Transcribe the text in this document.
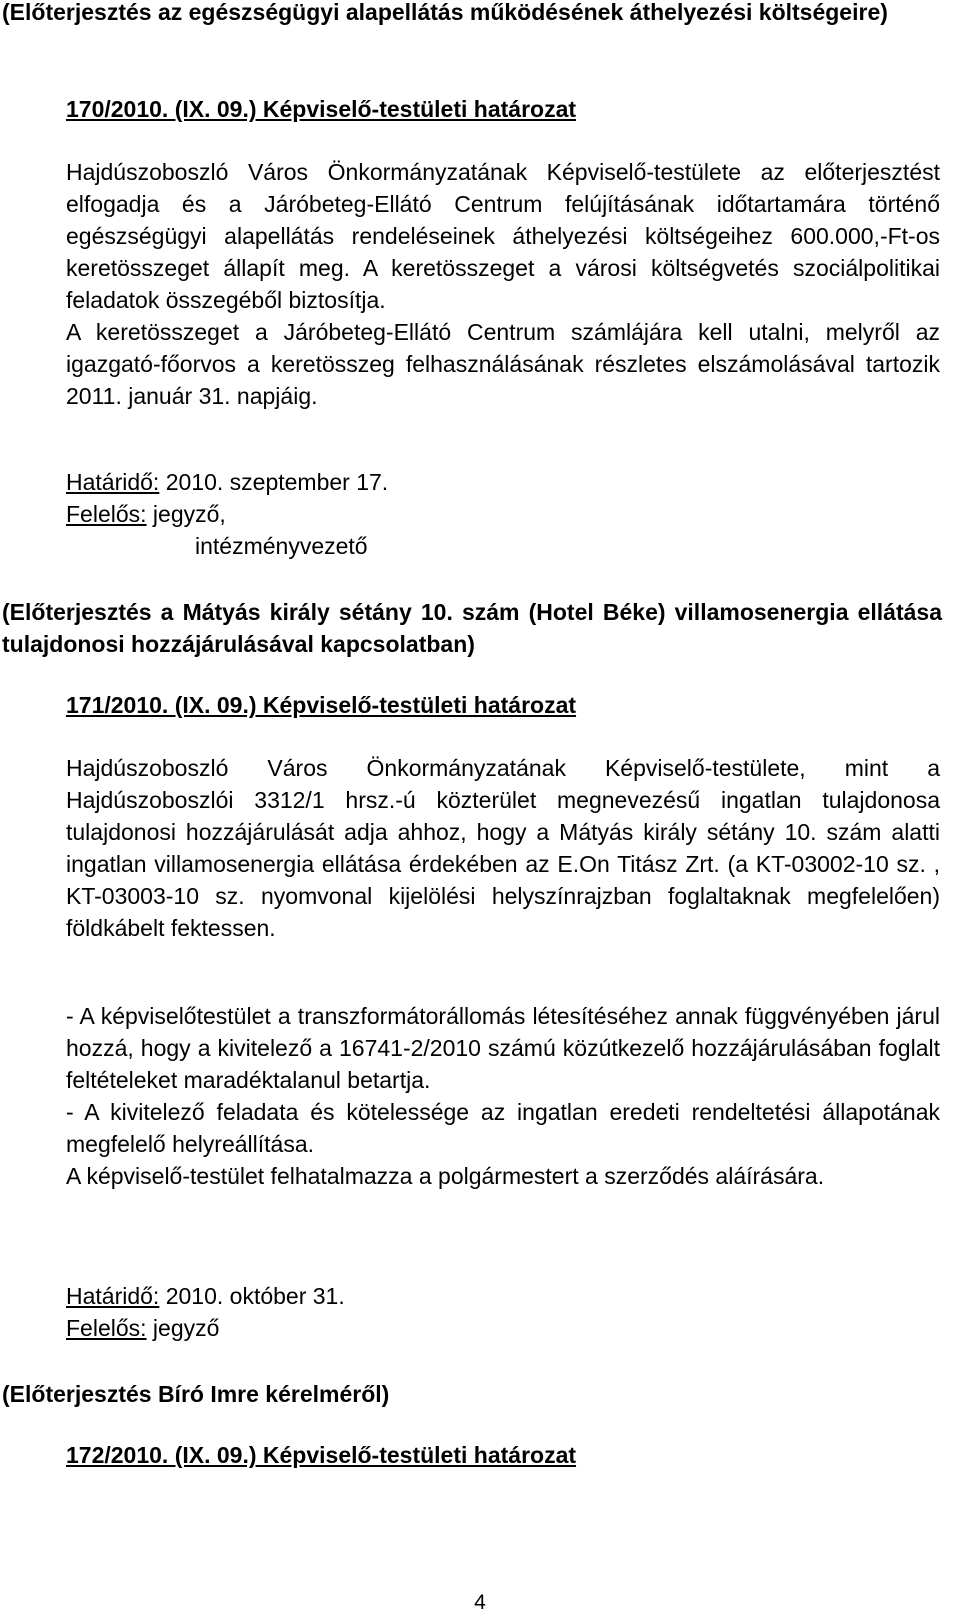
(Előterjesztés az egészségügyi alapellátás működésének áthelyezési költségeire)

170/2010. (IX. 09.) Képviselő-testületi határozat

Hajdúszoboszló Város Önkormányzatának Képviselő-testülete az előterjesztést elfogadja és a Járóbeteg-Ellátó Centrum felújításának időtartamára történő egészségügyi alapellátás rendeléseinek áthelyezési költségeihez 600.000,-Ft-os keretösszeget állapít meg. A keretösszeget a városi költségvetés szociálpolitikai feladatok összegéből biztosítja.

A keretösszeget a Járóbeteg-Ellátó Centrum számlájára kell utalni, melyről az igazgató-főorvos a keretösszeg felhasználásának részletes elszámolásával tartozik 2011. január 31. napjáig.

Határidő: 2010. szeptember 17.
Felelős: jegyző,
intézményvezető

(Előterjesztés a Mátyás király sétány 10. szám (Hotel Béke) villamosenergia ellátása tulajdonosi hozzájárulásával kapcsolatban)

171/2010. (IX. 09.) Képviselő-testületi határozat

Hajdúszoboszló Város Önkormányzatának Képviselő-testülete, mint a Hajdúszoboszlói 3312/1 hrsz.-ú közterület megnevezésű ingatlan tulajdonosa tulajdonosi hozzájárulását adja ahhoz, hogy a Mátyás király sétány 10. szám alatti ingatlan villamosenergia ellátása érdekében az E.On Titász Zrt. (a KT-03002-10 sz. , KT-03003-10 sz. nyomvonal kijelölési helyszínrajzban foglaltaknak megfelelően) földkábelt fektessen.

- A képviselőtestület a transzformátorállomás létesítéséhez annak függvényében járul hozzá, hogy a kivitelező a 16741-2/2010 számú közútkezelő hozzájárulásában foglalt feltételeket maradéktalanul betartja.

- A kivitelező feladata és kötelessége az ingatlan eredeti rendeltetési állapotának megfelelő helyreállítása.

A képviselő-testület felhatalmazza a polgármestert a szerződés aláírására.

Határidő: 2010. október 31.
Felelős: jegyző

(Előterjesztés Bíró Imre kérelméről)

172/2010. (IX. 09.) Képviselő-testületi határozat
4
